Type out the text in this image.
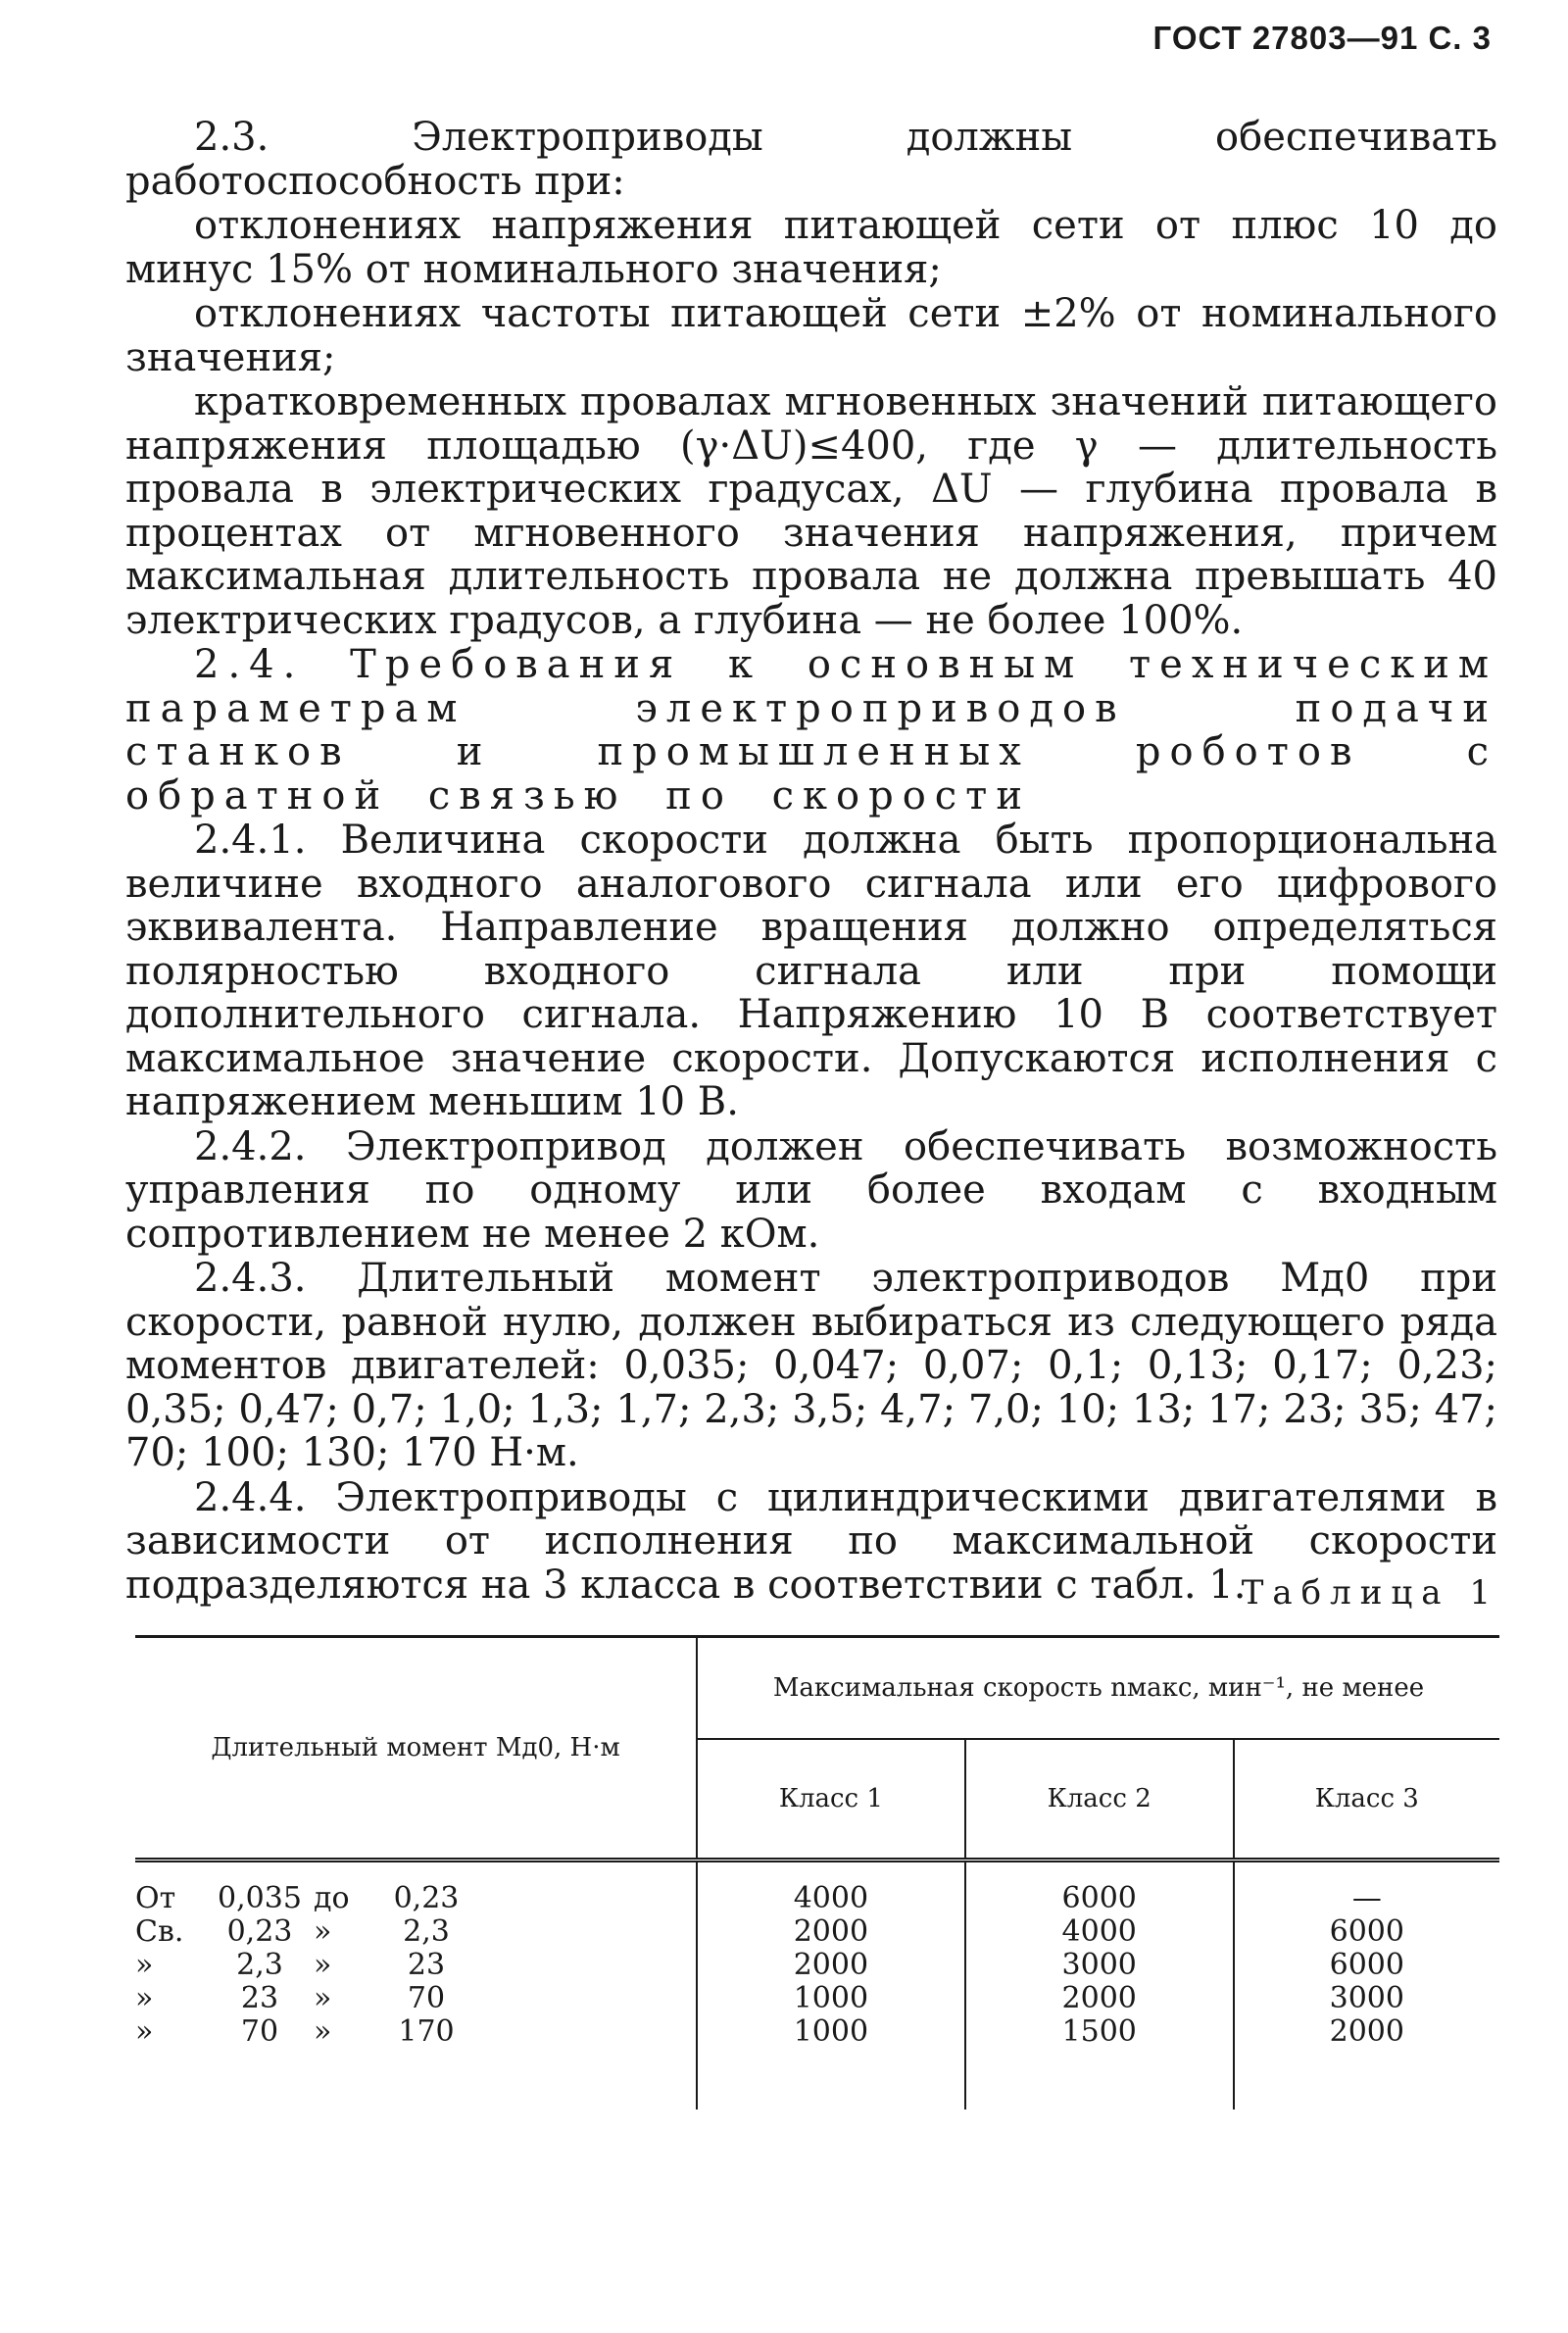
ГОСТ 27803—91 С. 3

2.3. Электроприводы должны обеспечивать работоспособность при:

отклонениях напряжения питающей сети от плюс 10 до минус 15% от номинального значения;

отклонениях частоты питающей сети ±2% от номинального значения;

кратковременных провалах мгновенных значений питающего напряжения площадью (γ·ΔU)≤400, где γ — длительность провала в электрических градусах, ΔU — глубина провала в процентах от мгновенного значения напряжения, причем максимальная длительность провала не должна превышать 40 электрических градусов, а глубина — не более 100%.

2.4. Требования к основным техническим параметрам электроприводов подачи станков и промышленных роботов с обратной связью по скорости

2.4.1. Величина скорости должна быть пропорциональна величине входного аналогового сигнала или его цифрового эквивалента. Направление вращения должно определяться полярностью входного сигнала или при помощи дополнительного сигнала. Напряжению 10 В соответствует максимальное значение скорости. Допускаются исполнения с напряжением меньшим 10 В.

2.4.2. Электропривод должен обеспечивать возможность управления по одному или более входам с входным сопротивлением не менее 2 кОм.

2.4.3. Длительный момент электроприводов Mд0 при скорости, равной нулю, должен выбираться из следующего ряда моментов двигателей: 0,035; 0,047; 0,07; 0,1; 0,13; 0,17; 0,23; 0,35; 0,47; 0,7; 1,0; 1,3; 1,7; 2,3; 3,5; 4,7; 7,0; 10; 13; 17; 23; 35; 47; 70; 100; 130; 170 Н·м.

2.4.4. Электроприводы с цилиндрическими двигателями в зависимости от исполнения по максимальной скорости подразделяются на 3 класса в соответствии с табл. 1.

Таблица 1
Длительный момент Mд0, Н·м	Максимальная скорость nмакс, мин⁻¹, не менее		
	Класс 1	Класс 2	Класс 3

От 0,035 до 0,23	4000	6000	—

Св. 0,23 » 2,3	2000	4000	6000

» 2,3 » 23	2000	3000	6000

» 23 » 70	1000	2000	3000

» 70 » 170	1000	1500	2000
